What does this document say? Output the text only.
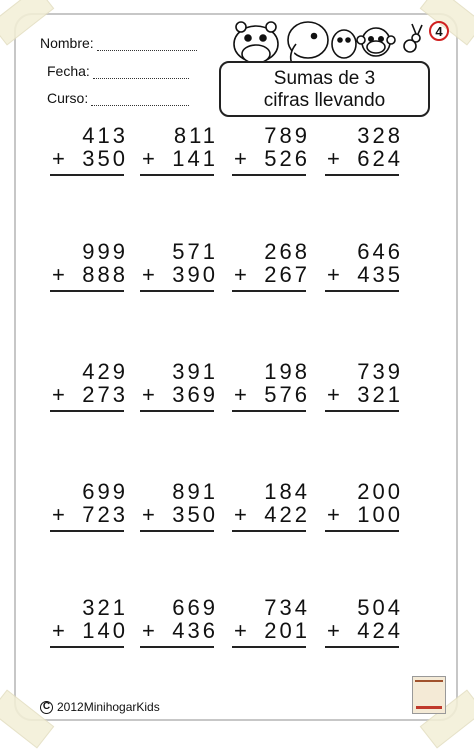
Nombre:
Fecha:
Curso:
4
Sumas de 3
cifras llevando
413
+ 350
811
+ 141
789
+ 526
328
+ 624
999
+ 888
571
+ 390
268
+ 267
646
+ 435
429
+ 273
391
+ 369
198
+ 576
739
+ 321
699
+ 723
891
+ 350
184
+ 422
200
+ 100
321
+ 140
669
+ 436
734
+ 201
504
+ 424
C 2012MinihogarKids
